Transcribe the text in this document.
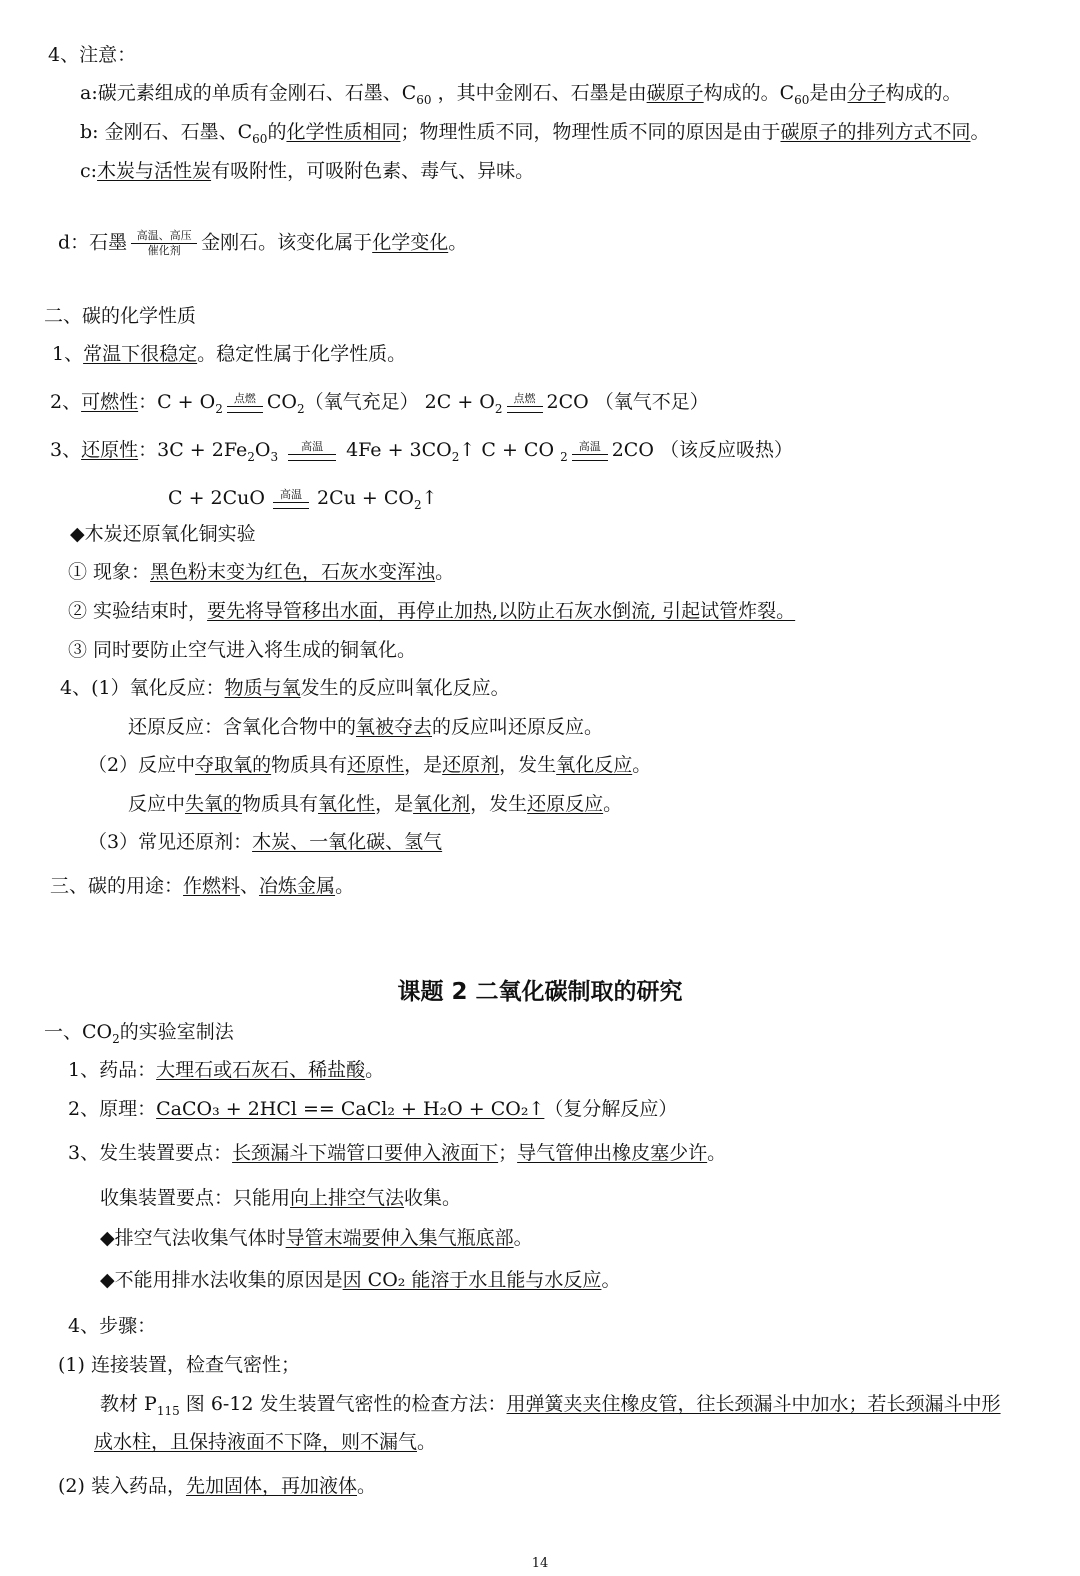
4、注意：
a:碳元素组成的单质有金刚石、石墨、$C_{60}$ ，其中金刚石、石墨是由碳原子构成的。$C_{60}$是由分子构成的。
b: 金刚石、石墨、$C_{60}$的化学性质相同；物理性质不同，物理性质不同的原因是由于碳原子的排列方式不同。
c:木炭与活性炭有吸附性，可吸附色素、毒气、异味。
d：石墨 高温、高压
催化剂	金刚石。该变化属于化学变化。
二、碳的化学性质
1、常温下很稳定。稳定性属于化学性质。
2、可燃性：$C + O_2$
点燃 $CO_2$（氧气充足） $2C + O_2$
点燃 2CO （氧气不足）
3、还原性：$3C + 2Fe_2O_3$
高温	$4Fe + 3CO_2↑$ C + CO $_2$
高温 2CO （该反应吸热）
C + 2CuO	高温 $2Cu + CO_2↑$
◆木炭还原氧化铜实验
① 现象：黑色粉末变为红色，石灰水变浑浊。
② 实验结束时，要先将导管移出水面，再停止加热,以防止石灰水倒流, 引起试管炸裂。
③ 同时要防止空气进入将生成的铜氧化。
4、(1）氧化反应：物质与氧发生的反应叫氧化反应。
还原反应：含氧化合物中的氧被夺去的反应叫还原反应。
（2）反应中夺取氧的物质具有还原性，是还原剂，发生氧化反应。
反应中失氧的物质具有氧化性，是氧化剂，发生还原反应。
（3）常见还原剂：木炭、一氧化碳、氢气
三、碳的用途：作燃料、冶炼金属。
课题 2 二氧化碳制取的研究
一、$CO_2$的实验室制法
1、药品：大理石或石灰石、稀盐酸。
2、原理：CaCO₃ + 2HCl == CaCl₂ + H₂O + CO₂↑（复分解反应）
3、发生装置要点：长颈漏斗下端管口要伸入液面下；导气管伸出橡皮塞少许。
收集装置要点：只能用向上排空气法收集。
◆排空气法收集气体时导管末端要伸入集气瓶底部。
◆不能用排水法收集的原因是因 CO₂ 能溶于水且能与水反应。
4、步骤：
(1) 连接装置，检查气密性；
教材 $P_{115}$ 图 6-12 发生装置气密性的检查方法：用弹簧夹夹住橡皮管，往长颈漏斗中加水；若长颈漏斗中形
成水柱，且保持液面不下降，则不漏气。
(2) 装入药品，先加固体，再加液体。
14
